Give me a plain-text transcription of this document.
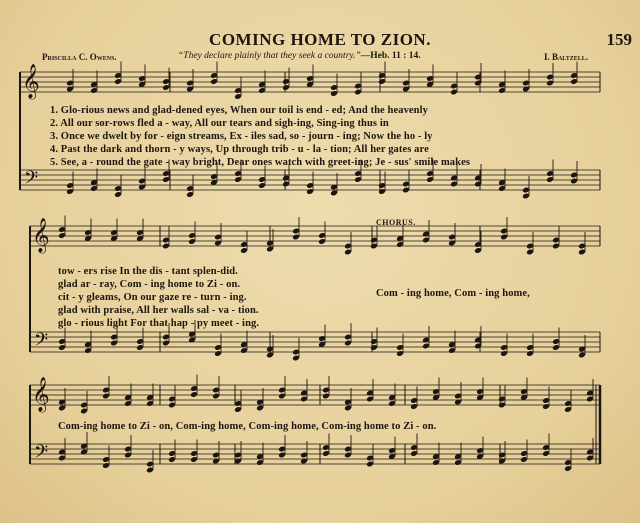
𝄞
𝄢
𝄞
𝄢
𝄞
𝄢
COMING HOME TO ZION.	159
Priscilla C. Owens.	“They declare plainly that they seek a country.”—Heb. 11 : 14.	I. Baltzell.
1. Glo-rious news and glad-dened eyes, When our toil is end - ed; And the heavenly
2. All our sor-rows fled a - way, All our tears and sigh-ing, Sing-ing thus in
3. Once we dwelt by for - eign streams, Ex - iles sad, so - journ - ing; Now the ho - ly
4. Past the dark and thorn - y ways, Up through trib - u - la - tion; All her gates are
5. See, a - round the gate - way bright, Dear ones watch with greet-ing; Je - sus' smile makes
CHORUS.
tow - ers rise In the dis - tant splen-did.
glad ar - ray, Com - ing home to Zi - on.
cit - y gleams, On our gaze re - turn - ing.
glad with praise, All her walls sal - va - tion.
glo - rious light For that hap - py meet - ing.
Com - ing home, Com - ing home,
Com-ing home to Zi - on, Com-ing home, Com-ing home, Com-ing home to Zi - on.
